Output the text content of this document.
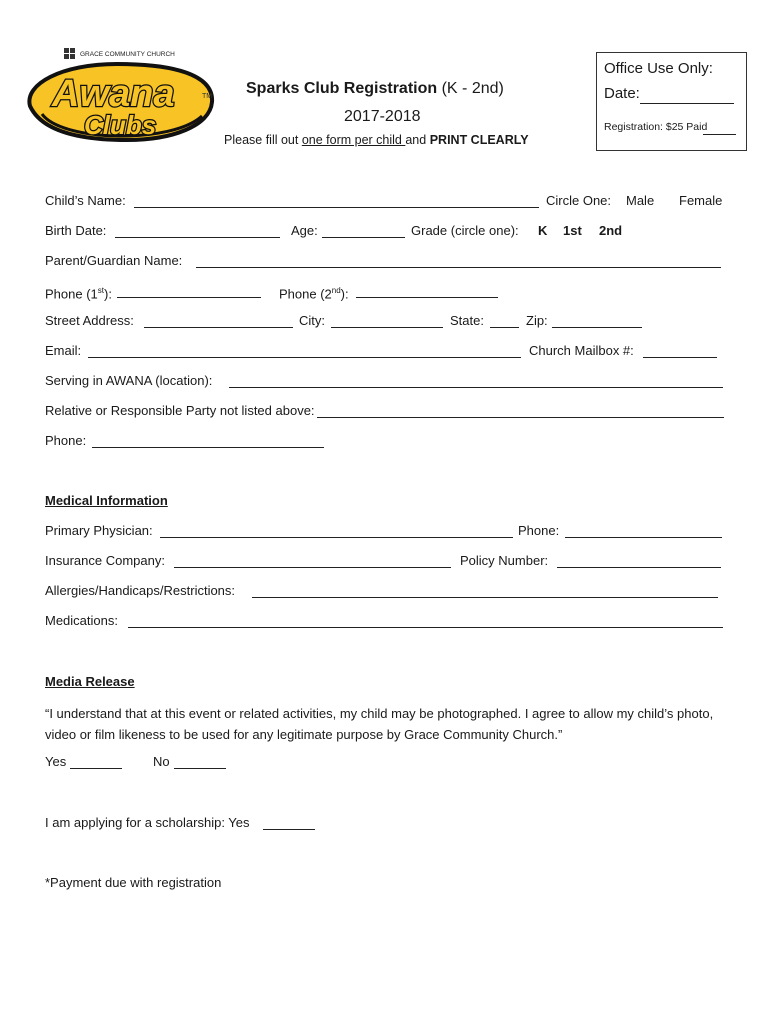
GRACE COMMUNITY CHURCH
Awana
Clubs
TM Sparks Club Registration (K - 2nd)
2017-2018
Please fill out one form per child and PRINT CLEARLY
Office Use Only:
Date:
Registration: $25 Paid
Child’s Name:	Circle One: Male Female
Birth Date:	Age:	Grade (circle one): K 1st 2nd
Parent/Guardian Name:
Phone (1st):	Phone (2nd):
Street Address:	City:	State:	Zip:
Email:	Church Mailbox #:
Serving in AWANA (location):
Relative or Responsible Party not listed above:
Phone:
Medical Information
Primary Physician:	Phone:
Insurance Company:	Policy Number:
Allergies/Handicaps/Restrictions:
Medications:
Media Release
“I understand that at this event or related activities, my child may be photographed. I agree to allow my child’s photo, video or film likeness to be used for any legitimate purpose by Grace Community Church.”
Yes	No
I am applying for a scholarship: Yes
*Payment due with registration
